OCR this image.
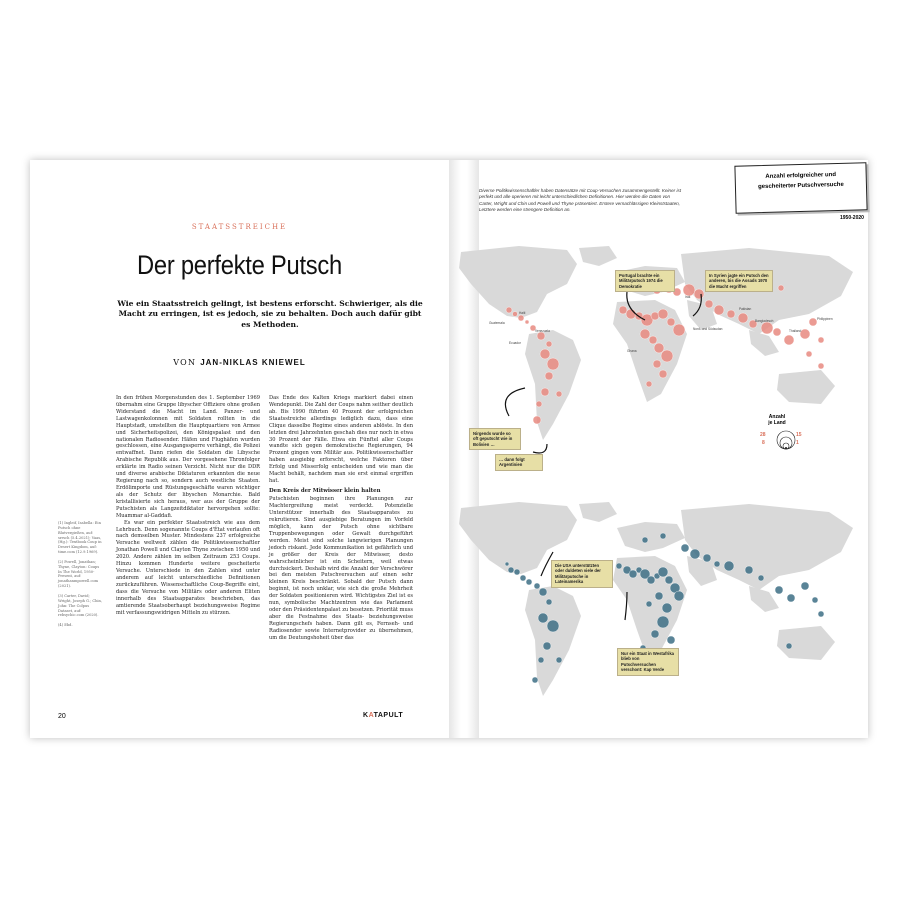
STAATSSTREICHE
Der perfekte Putsch
Wie ein Staatsstreich gelingt, ist bestens erforscht. Schwieriger, als die Macht zu erringen, ist es jedoch, sie zu behalten. Doch auch dafür gibt es Methoden.
VON JAN-NIKLAS KNIEWEL

In den frühen Morgenstunden des 1. September 1969 übernahm eine Gruppe libyscher Offiziere ohne großen Widerstand die Macht im Land. Panzer- und Lastwagenkolonnen mit Soldaten rollten in die Hauptstadt, umstellten die Hauptquartiere von Armee und Sicherheitspolizei, den Königspalast und den nationalen Radiosender. Häfen und Flughäfen wurden geschlossen, eine Ausgangssperre verhängt, die Polizei entwaffnet. Dann riefen die Soldaten die Libysche Arabische Republik aus. Der vorgesehene Thronfolger erklärte im Radio seinen Verzicht. Nicht nur die DDR und diverse arabische Diktaturen erkannten die neue Regierung nach so, sondern auch westliche Staaten. Erdölimporte und Rüstungsgeschäfte waren wichtiger als der Schutz der libyschen Monarchie. Bald kristallisierte sich heraus, wer aus der Gruppe der Putschisten als Langzeitdiktator hervorgehen sollte: Muammar al-Gaddafi.

Es war ein perfekter Staatsstreich wie aus dem Lehrbuch. Denn sogenannte Coups d'État verlaufen oft nach demselben Muster. Mindestens 237 erfolgreiche Versuche weltweit zählen die Politikwissenschaftler Jonathan Powell und Clayton Thyne zwischen 1950 und 2020. Andere zählen im selben Zeitraum 253 Coups. Hinzu kommen Hunderte weitere gescheiterte Versuche. Unterschiede in den Zahlen sind unter anderem auf leicht unterschiedliche Definitionen zurückzuführen. Wissenschaftliche Coup-Begriffe eint, dass die Versuche von Militärs oder anderen Eliten innerhalb des Staatsapparates beschrieben, das amtierende Staatsoberhaupt beziehungsweise Regime mit verfassungswidrigen Mitteln zu stürzen.

Das Ende des Kalten Kriegs markiert dabei einen Wendepunkt. Die Zahl der Coups nahm seither deutlich ab. Bis 1990 führten 40 Prozent der erfolgreichen Staatsstreiche allerdings lediglich dazu, dass eine Clique dasselbe Regime eines anderen ablöste. In den letzten drei Jahrzehnten geschah dies nur noch in etwa 30 Prozent der Fälle. Etwa ein Fünftel aller Coups wandte sich gegen demokratische Regierungen, 94 Prozent gingen vom Militär aus. Politikwissenschaftler haben ausgiebig erforscht, welche Faktoren über Erfolg und Misserfolg entscheiden und wie man die Macht behält, nachdem man sie erst einmal ergriffen hat.

Den Kreis der Mitwisser klein halten

Putschisten beginnen ihre Planungen zur Machtergreifung meist verdeckt. Potenzielle Unterstützer innerhalb des Staatsapparates zu rekrutieren. Sind ausgiebige Beratungen im Vorfeld möglich, kann der Putsch ohne sichtbare Truppenbewegungen oder Gewalt durchgeführt werden. Meist sind solche langwierigen Planungen jedoch riskant. Jede Kommunikation ist gefährlich und je größer der Kreis der Mitwisser, desto wahrscheinlicher ist ein Scheitern, weil etwas durchsickert. Deshalb wird die Anzahl der Verschwörer bei den meisten Putschversuchen auf einen sehr kleinen Kreis beschränkt. Sobald der Putsch dann beginnt, ist noch unklar, wie sich die große Mehrheit der Soldaten positionieren wird. Wichtigstes Ziel ist es nun, symbolische Machtzentren wie das Parlament oder den Präsidentenpalast zu besetzen. Priorität muss aber die Festnahme des Staats- beziehungsweise Regierungschefs haben. Dann gilt es, Fernseh- und Radiosender sowie Internetprovider zu übernehmen, um die Deutungshoheit über das

(1) Ingleif, Isabella: Ein Putsch ohne Blutvergießen, auf: srrsch (5.4.2021); Vaas, (Hg.): Textbook Coup in Desert Kingdom, auf: time.com (12.9.1969).

(2) Powell, Jonathan; Thyne, Clayton: Coups In The World, 1950-Present, auf: jonathanmpowell.com (2021).

(3) Carter, David; Wright, Joseph G.; Chin, John: The Colpus Dataset, auf: rebsychic.com (2020).

(4) Ebd.

20	KATAPULT
Diverse Politikwissenschaftler haben Datensätze mit Coup-Versuchen zusammengestellt. Keiner ist perfekt und alle operieren mit leicht unterschiedlichen Definitionen. Hier werden die Daten von Carter, Wright und Chin und Powell und Thyne präsentiert. Erstere vernachlässigen Kleinststaaten, Letztere werden eine strengere Definition an.
Anzahl erfolgreicher und
gescheiterter Putschversuche
1950-2020
Haiti
Guatemala
Venezuela
Ecuador
Ghana
Pakistan
Bangladesch
Thailand
Philippinen
Irak
Nord- und Südsudan
Portugal brachte ein Militärputsch 1974 die Demokratie
In Syrien jagte ein Putsch den anderen, bis die Assads 1970 die Macht ergriffen
Nirgends wurde so oft geputscht wie in Bolivien …
… dann folgt Argentinien
Anzahl
je Land
28
8
15
1
Die USA unterstützten oder duldeten viele der Militärputsche in Lateinamerika
Nur ein Staat in Westafrika blieb von Putschversuchen verschont: Kap Verde
